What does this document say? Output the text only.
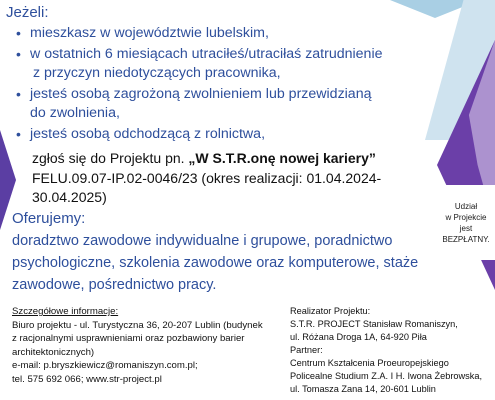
Udział
w Projekcie
jest
BEZPŁATNY.
Jeżeli:
• mieszkasz w województwie lubelskim,
• w ostatnich 6 miesiącach utraciłeś/utraciłaś zatrudnienie
z przyczyn niedotyczących pracownika,
• jesteś osobą zagrożoną zwolnieniem lub przewidzianą
do zwolnienia,
• jesteś osobą odchodzącą z rolnictwa,
zgłoś się do Projektu pn. „W S.T.R.onę nowej kariery”
FELU.09.07-IP.02-0046/23 (okres realizacji: 01.04.2024-
30.04.2025)
Oferujemy:
doradztwo zawodowe indywidualne i grupowe, poradnictwo
psychologiczne, szkolenia zawodowe oraz komputerowe, staże
zawodowe, pośrednictwo pracy.
Szczegółowe informacje:
Biuro projektu - ul. Turystyczna 36, 20-207 Lublin (budynek
z racjonalnymi usprawnieniami oraz pozbawiony barier
architektonicznych)
e-mail: p.bryszkiewicz@romaniszyn.com.pl;
tel. 575 692 066; www.str-project.pl
Realizator Projektu:
S.T.R. PROJECT Stanisław Romaniszyn,
ul. Różana Droga 1A, 64-920 Piła
Partner:
Centrum Kształcenia Proeuropejskiego
Policealne Studium Z.A. I H. Iwona Żebrowska,
ul. Tomasza Zana 14, 20-601 Lublin
